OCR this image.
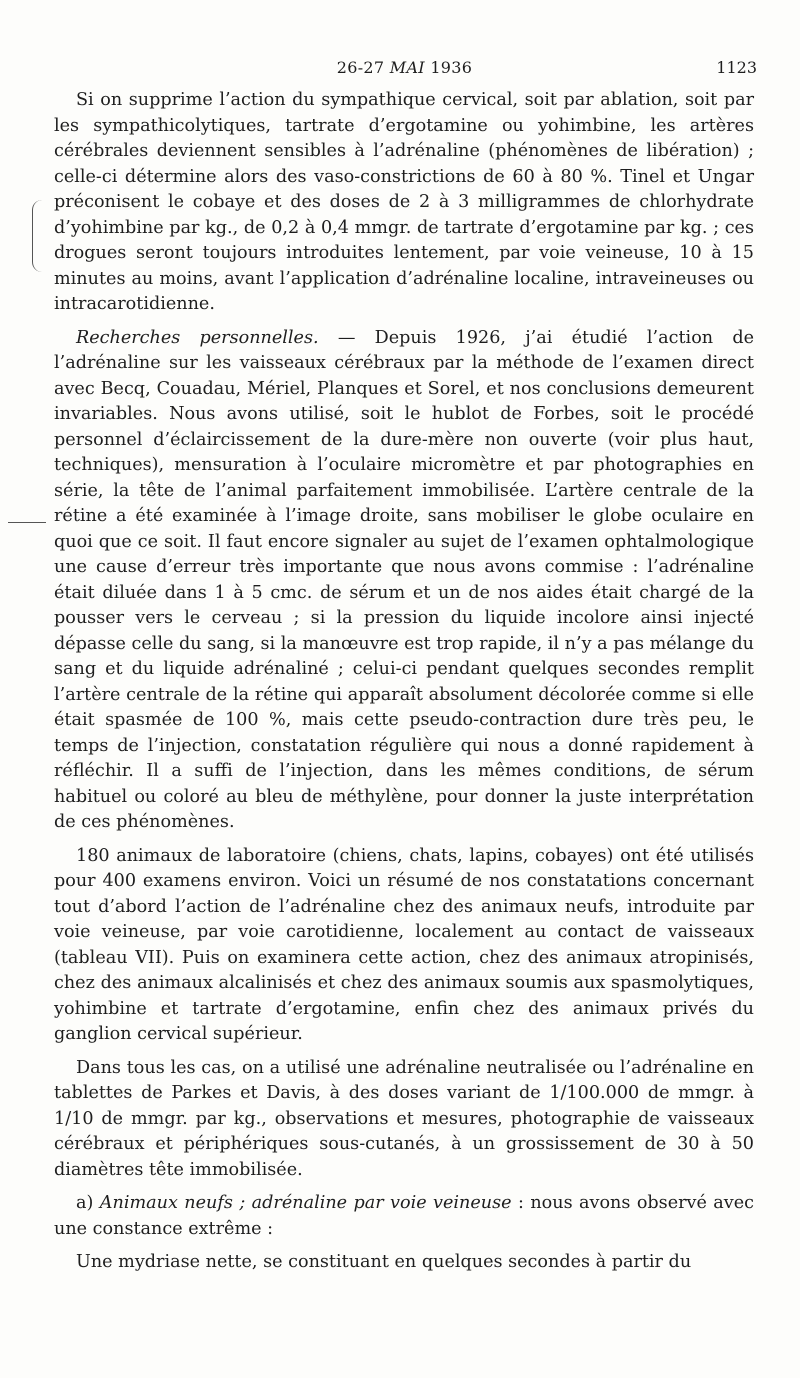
26-27 MAI 1936	1123

Si on supprime l’action du sympathique cervical, soit par ablation, soit par les sympathicolytiques, tartrate d’ergotamine ou yohimbine, les artères cérébrales deviennent sensibles à l’adrénaline (phénomènes de libération) ; celle-ci détermine alors des vaso-constrictions de 60 à 80 %. Tinel et Ungar préconisent le cobaye et des doses de 2 à 3 milligrammes de chlorhydrate d’yohimbine par kg., de 0,2 à 0,4 mmgr. de tartrate d’ergotamine par kg. ; ces drogues seront toujours introduites lentement, par voie veineuse, 10 à 15 minutes au moins, avant l’application d’adrénaline localine, intraveineuses ou intracarotidienne.

Recherches personnelles. — Depuis 1926, j’ai étudié l’action de l’adrénaline sur les vaisseaux cérébraux par la méthode de l’examen direct avec Becq, Couadau, Mériel, Planques et Sorel, et nos conclusions demeurent invariables. Nous avons utilisé, soit le hublot de Forbes, soit le procédé personnel d’éclaircissement de la dure-mère non ouverte (voir plus haut, techniques), mensuration à l’oculaire micromètre et par photographies en série, la tête de l’animal parfaitement immobilisée. L’artère centrale de la rétine a été examinée à l’image droite, sans mobiliser le globe oculaire en quoi que ce soit. Il faut encore signaler au sujet de l’examen ophtalmologique une cause d’erreur très importante que nous avons commise : l’adrénaline était diluée dans 1 à 5 cmc. de sérum et un de nos aides était chargé de la pousser vers le cerveau ; si la pression du liquide incolore ainsi injecté dépasse celle du sang, si la manœuvre est trop rapide, il n’y a pas mélange du sang et du liquide adrénaliné ; celui-ci pendant quelques secondes remplit l’artère centrale de la rétine qui apparaît absolument décolorée comme si elle était spasmée de 100 %, mais cette pseudo-contraction dure très peu, le temps de l’injection, constatation régulière qui nous a donné rapidement à réfléchir. Il a suffi de l’injection, dans les mêmes conditions, de sérum habituel ou coloré au bleu de méthylène, pour donner la juste interprétation de ces phénomènes.

180 animaux de laboratoire (chiens, chats, lapins, cobayes) ont été utilisés pour 400 examens environ. Voici un résumé de nos constatations concernant tout d’abord l’action de l’adrénaline chez des animaux neufs, introduite par voie veineuse, par voie carotidienne, localement au contact de vaisseaux (tableau VII). Puis on examinera cette action, chez des animaux atropinisés, chez des animaux alcalinisés et chez des animaux soumis aux spasmolytiques, yohimbine et tartrate d’ergotamine, enfin chez des animaux privés du ganglion cervical supérieur.

Dans tous les cas, on a utilisé une adrénaline neutralisée ou l’adrénaline en tablettes de Parkes et Davis, à des doses variant de 1/100.000 de mmgr. à 1/10 de mmgr. par kg., observations et mesures, photographie de vaisseaux cérébraux et périphériques sous-cutanés, à un grossissement de 30 à 50 diamètres tête immobilisée.

a) Animaux neufs ; adrénaline par voie veineuse : nous avons observé avec une constance extrême :

Une mydriase nette, se constituant en quelques secondes à partir du
